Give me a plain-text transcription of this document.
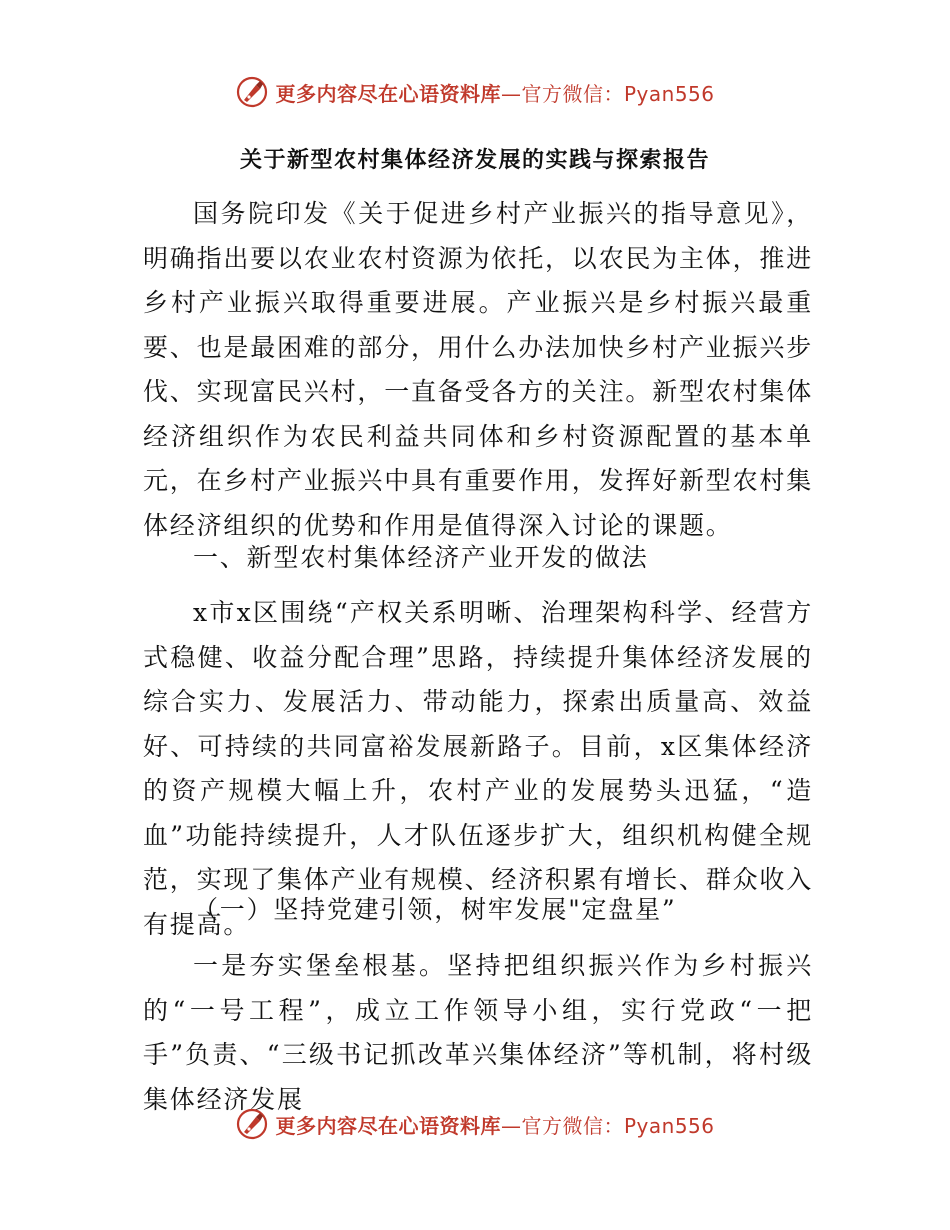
更多内容尽在心语资料库—官方微信：Pyan556
关于新型农村集体经济发展的实践与探索报告

国务院印发《关于促进乡村产业振兴的指导意见》，明确指出要以农业农村资源为依托，以农民为主体，推进乡村产业振兴取得重要进展。产业振兴是乡村振兴最重要、也是最困难的部分，用什么办法加快乡村产业振兴步伐、实现富民兴村，一直备受各方的关注。新型农村集体经济组织作为农民利益共同体和乡村资源配置的基本单元，在乡村产业振兴中具有重要作用，发挥好新型农村集体经济组织的优势和作用是值得深入讨论的课题。

一、新型农村集体经济产业开发的做法

x市x区围绕“产权关系明晰、治理架构科学、经营方式稳健、收益分配合理”思路，持续提升集体经济发展的综合实力、发展活力、带动能力，探索出质量高、效益好、可持续的共同富裕发展新路子。目前，x区集体经济的资产规模大幅上升，农村产业的发展势头迅猛，“造血”功能持续提升，人才队伍逐步扩大，组织机构健全规范，实现了集体产业有规模、经济积累有增长、群众收入有提高。

（一）坚持党建引领，树牢发展"定盘星”

一是夯实堡垒根基。坚持把组织振兴作为乡村振兴的“一号工程”，成立工作领导小组，实行党政“一把手”负责、“三级书记抓改革兴集体经济”等机制，将村级集体经济发展

更多内容尽在心语资料库—官方微信：Pyan556
